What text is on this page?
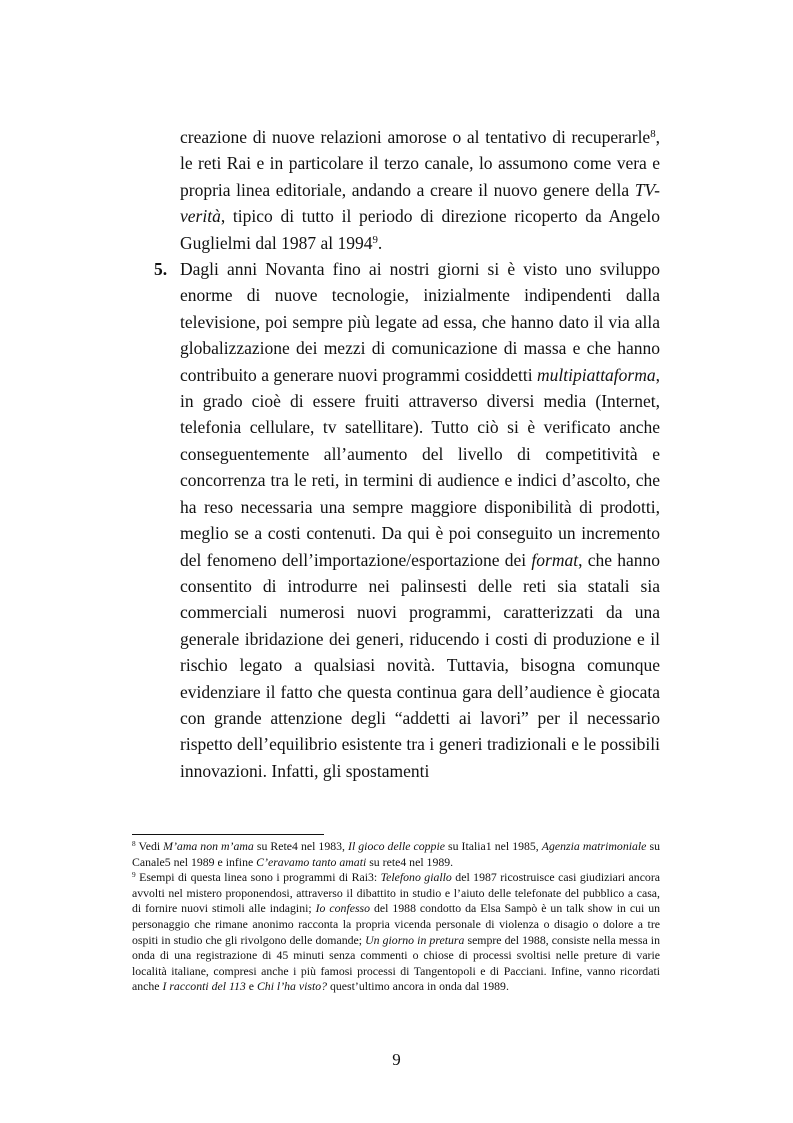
creazione di nuove relazioni amorose o al tentativo di recuperarle$^8$, le reti Rai e in particolare il terzo canale, lo assumono come vera e propria linea editoriale, andando a creare il nuovo genere della TV-verità, tipico di tutto il periodo di direzione ricoperto da Angelo Guglielmi dal 1987 al 1994$^9$.

5. Dagli anni Novanta fino ai nostri giorni si è visto uno sviluppo enorme di nuove tecnologie, inizialmente indipendenti dalla televisione, poi sempre più legate ad essa, che hanno dato il via alla globalizzazione dei mezzi di comunicazione di massa e che hanno contribuito a generare nuovi programmi cosiddetti multipiattaforma, in grado cioè di essere fruiti attraverso diversi media (Internet, telefonia cellulare, tv satellitare). Tutto ciò si è verificato anche conseguentemente all’aumento del livello di competitività e concorrenza tra le reti, in termini di audience e indici d’ascolto, che ha reso necessaria una sempre maggiore disponibilità di prodotti, meglio se a costi contenuti. Da qui è poi conseguito un incremento del fenomeno dell’importazione/esportazione dei format, che hanno consentito di introdurre nei palinsesti delle reti sia statali sia commerciali numerosi nuovi programmi, caratterizzati da una generale ibridazione dei generi, riducendo i costi di produzione e il rischio legato a qualsiasi novità. Tuttavia, bisogna comunque evidenziare il fatto che questa continua gara dell’audience è giocata con grande attenzione degli “addetti ai lavori” per il necessario rispetto dell’equilibrio esistente tra i generi tradizionali e le possibili innovazioni. Infatti, gli spostamenti

$^8$ Vedi M’ama non m’ama su Rete4 nel 1983, Il gioco delle coppie su Italia1 nel 1985, Agenzia matrimoniale su Canale5 nel 1989 e infine C’eravamo tanto amati su rete4 nel 1989.

$^9$ Esempi di questa linea sono i programmi di Rai3: Telefono giallo del 1987 ricostruisce casi giudiziari ancora avvolti nel mistero proponendosi, attraverso il dibattito in studio e l’aiuto delle telefonate del pubblico a casa, di fornire nuovi stimoli alle indagini; Io confesso del 1988 condotto da Elsa Sampò è un talk show in cui un personaggio che rimane anonimo racconta la propria vicenda personale di violenza o disagio o dolore a tre ospiti in studio che gli rivolgono delle domande; Un giorno in pretura sempre del 1988, consiste nella messa in onda di una registrazione di 45 minuti senza commenti o chiose di processi svoltisi nelle preture di varie località italiane, compresi anche i più famosi processi di Tangentopoli e di Pacciani. Infine, vanno ricordati anche I racconti del 113 e Chi l’ha visto? quest’ultimo ancora in onda dal 1989.

9
